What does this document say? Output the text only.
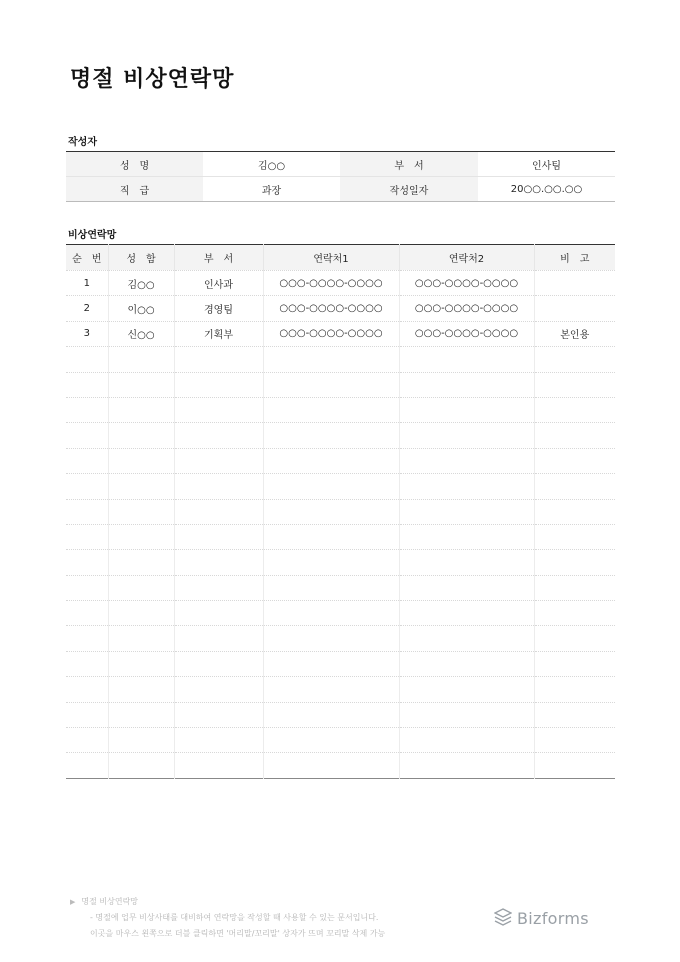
명절 비상연락망
작성자
성　명	김○○	부　서	인사팀
직　급	과장	작성일자	20○○.○○.○○
비상연락망
순　번	성　함	부　서	연락처1	연락처2	비　고
1	김○○	인사과	○○○-○○○○-○○○○	○○○-○○○○-○○○○	
2	이○○	경영팀	○○○-○○○○-○○○○	○○○-○○○○-○○○○	
3	신○○	기획부	○○○-○○○○-○○○○	○○○-○○○○-○○○○	본인용

▶ 명절 비상연락망
- 명절에 업무 비상사태를 대비하여 연락망을 작성할 때 사용할 수 있는 문서입니다.
이곳을 마우스 왼쪽으로 더블 클릭하면 '머리말/꼬리말' 상자가 뜨며 꼬리말 삭제 가능
Bizforms
